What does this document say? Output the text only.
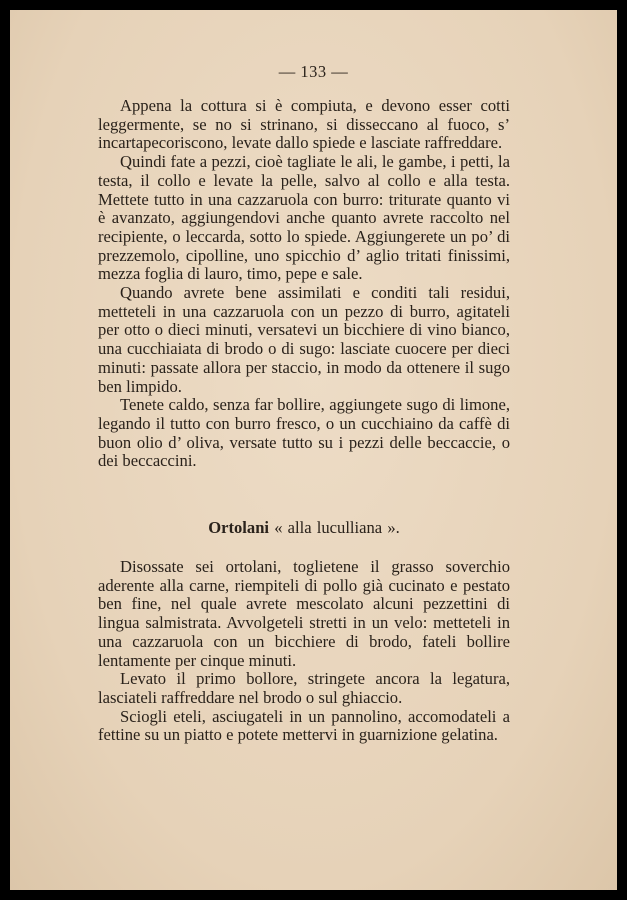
— 133 —

Appena la cottura si è compiuta, e devono esser cotti leggermente, se no si strinano, si disseccano al fuoco, s’ incartapecoriscono, levate dallo spiede e lasciate raffreddare.

Quindi fate a pezzi, cioè tagliate le ali, le gambe, i petti, la testa, il collo e levate la pelle, salvo al collo e alla testa. Mettete tutto in una cazzaruola con burro: triturate quanto vi è avanzato, aggiungendovi anche quanto avrete raccolto nel recipiente, o leccarda, sotto lo spiede. Aggiungerete un po’ di prezzemolo, cipolline, uno spicchio d’ aglio tritati finissimi, mezza foglia di lauro, timo, pepe e sale.

Quando avrete bene assimilati e conditi tali residui, metteteli in una cazzaruola con un pezzo di burro, agitateli per otto o dieci minuti, versatevi un bicchiere di vino bianco, una cucchiaiata di brodo o di sugo: lasciate cuocere per dieci minuti: passate allora per staccio, in modo da ottenere il sugo ben limpido.

Tenete caldo, senza far bollire, aggiungete sugo di limone, legando il tutto con burro fresco, o un cucchiaino da caffè di buon olio d’ oliva, versate tutto su i pezzi delle beccaccie, o dei beccaccini.

Ortolani « alla luculliana ».

Disossate sei ortolani, toglietene il grasso soverchio aderente alla carne, riempiteli di pollo già cucinato e pestato ben fine, nel quale avrete mescolato alcuni pezzettini di lingua salmistrata. Avvolgeteli stretti in un velo: metteteli in una cazzaruola con un bicchiere di brodo, fateli bollire lentamente per cinque minuti.

Levato il primo bollore, stringete ancora la legatura, lasciateli raffreddare nel brodo o sul ghiaccio.

Sciogli eteli, asciugateli in un pannolino, accomodateli a fettine su un piatto e potete mettervi in guarnizione gelatina.
